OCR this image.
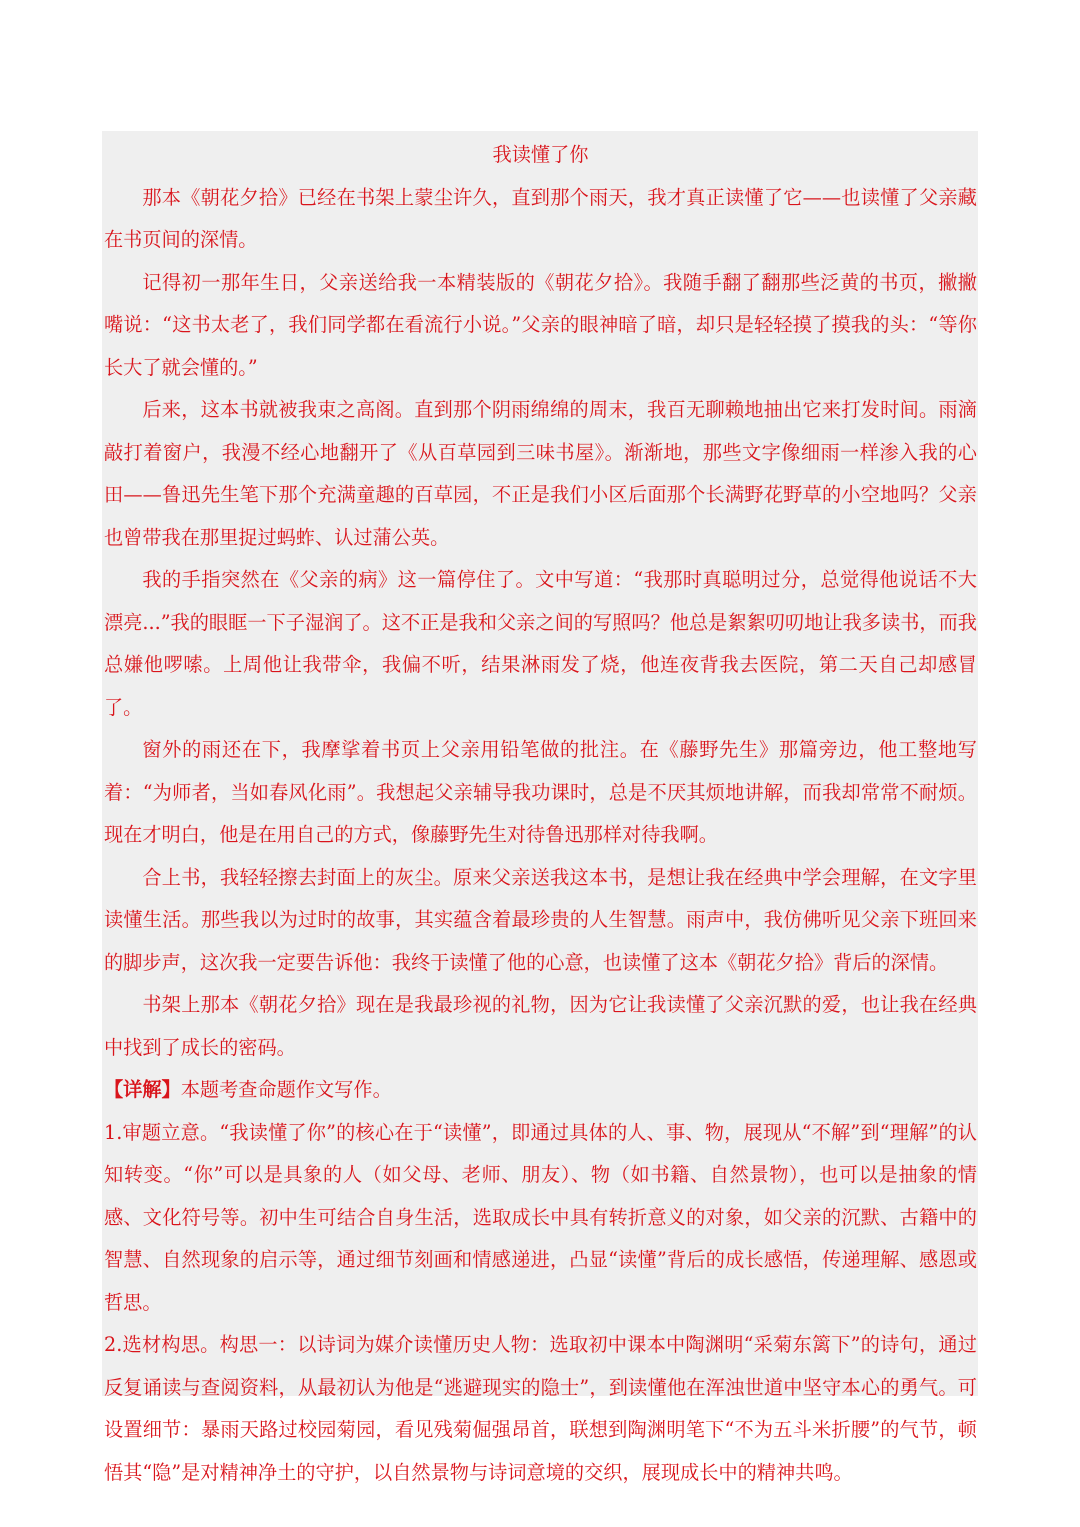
我读懂了你

那本《朝花夕拾》已经在书架上蒙尘许久，直到那个雨天，我才真正读懂了它——也读懂了父亲藏在书页间的深情。

记得初一那年生日，父亲送给我一本精装版的《朝花夕拾》。我随手翻了翻那些泛黄的书页，撇撇嘴说：“这书太老了，我们同学都在看流行小说。”父亲的眼神暗了暗，却只是轻轻摸了摸我的头：“等你长大了就会懂的。”

后来，这本书就被我束之高阁。直到那个阴雨绵绵的周末，我百无聊赖地抽出它来打发时间。雨滴敲打着窗户，我漫不经心地翻开了《从百草园到三味书屋》。渐渐地，那些文字像细雨一样渗入我的心田——鲁迅先生笔下那个充满童趣的百草园，不正是我们小区后面那个长满野花野草的小空地吗？父亲也曾带我在那里捉过蚂蚱、认过蒲公英。

我的手指突然在《父亲的病》这一篇停住了。文中写道：“我那时真聪明过分，总觉得他说话不大漂亮...”我的眼眶一下子湿润了。这不正是我和父亲之间的写照吗？他总是絮絮叨叨地让我多读书，而我总嫌他啰嗦。上周他让我带伞，我偏不听，结果淋雨发了烧，他连夜背我去医院，第二天自己却感冒了。

窗外的雨还在下，我摩挲着书页上父亲用铅笔做的批注。在《藤野先生》那篇旁边，他工整地写着：“为师者，当如春风化雨”。我想起父亲辅导我功课时，总是不厌其烦地讲解，而我却常常不耐烦。现在才明白，他是在用自己的方式，像藤野先生对待鲁迅那样对待我啊。

合上书，我轻轻擦去封面上的灰尘。原来父亲送我这本书，是想让我在经典中学会理解，在文字里读懂生活。那些我以为过时的故事，其实蕴含着最珍贵的人生智慧。雨声中，我仿佛听见父亲下班回来的脚步声，这次我一定要告诉他：我终于读懂了他的心意，也读懂了这本《朝花夕拾》背后的深情。

书架上那本《朝花夕拾》现在是我最珍视的礼物，因为它让我读懂了父亲沉默的爱，也让我在经典中找到了成长的密码。

【详解】本题考查命题作文写作。

1.审题立意。“我读懂了你”的核心在于“读懂”，即通过具体的人、事、物，展现从“不解”到“理解”的认知转变。“你”可以是具象的人（如父母、老师、朋友）、物（如书籍、自然景物），也可以是抽象的情感、文化符号等。初中生可结合自身生活，选取成长中具有转折意义的对象，如父亲的沉默、古籍中的智慧、自然现象的启示等，通过细节刻画和情感递进，凸显“读懂”背后的成长感悟，传递理解、感恩或哲思。

2.选材构思。构思一：以诗词为媒介读懂历史人物：选取初中课本中陶渊明“采菊东篱下”的诗句，通过反复诵读与查阅资料，从最初认为他是“逃避现实的隐士”，到读懂他在浑浊世道中坚守本心的勇气。可设置细节：暴雨天路过校园菊园，看见残菊倔强昂首，联想到陶渊明笔下“不为五斗米折腰”的气节，顿悟其“隐”是对精神净土的守护，以自然景物与诗词意境的交织，展现成长中的精神共鸣。
